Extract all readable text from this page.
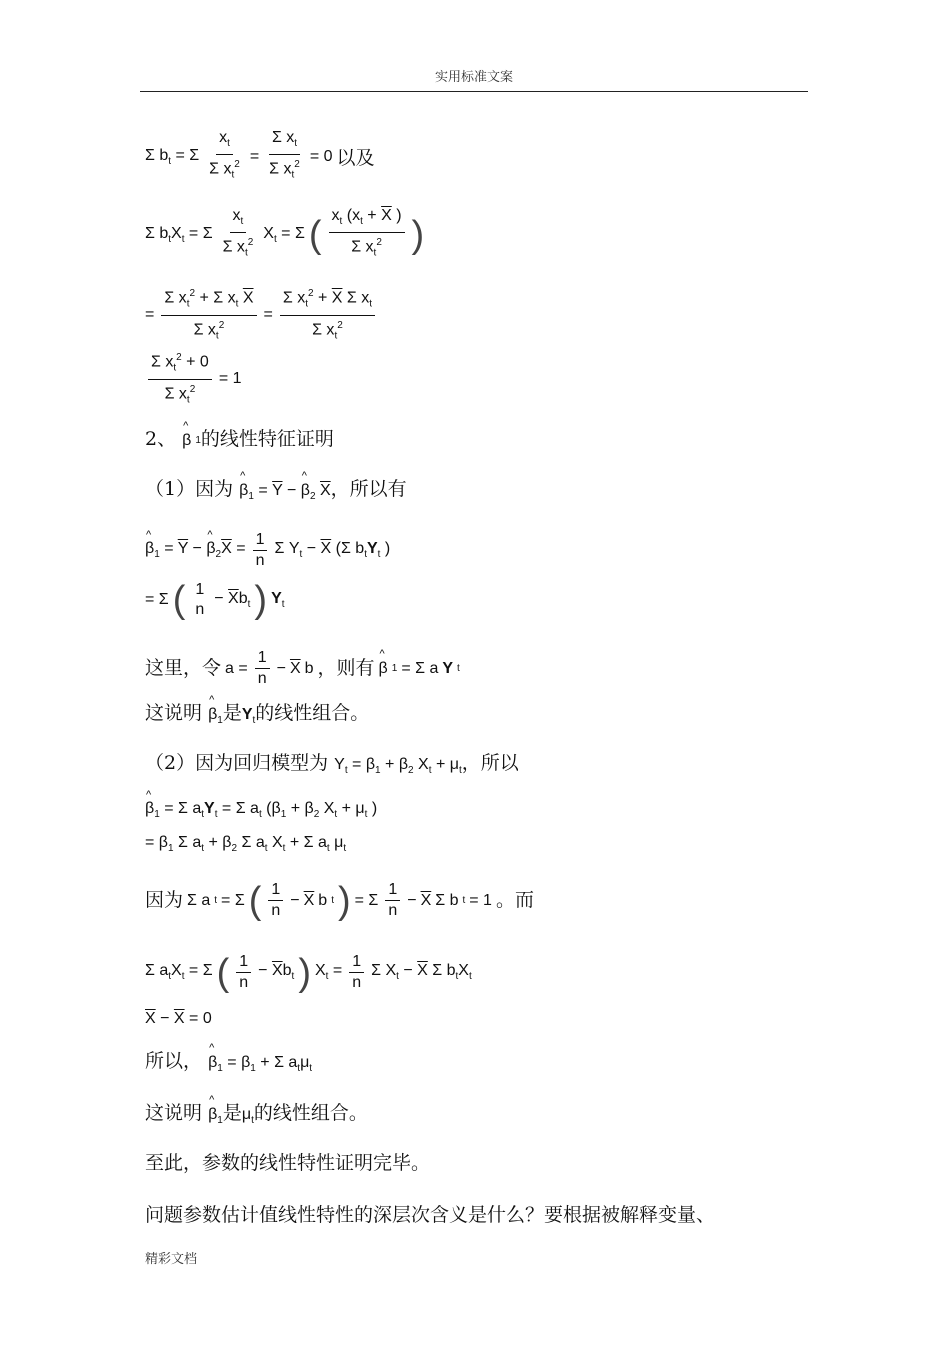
实用标准文案
Σ $b_t = \Sigma \frac{x_t}{\Sigma x_t^2} = \frac{\Sigma x_t}{\Sigma x_t^2} = 0$ 以及
Σ $b_tX_t = \Sigma \frac{x_t}{\Sigma x_t^2} X_t = \Sigma$ ( $\frac{x_t (x_t + \overline{X} )}{\Sigma x_t^2}$ )
= $\frac{\Sigma x_t^2 + \Sigma x_t \overline{X}}{\Sigma x_t^2} = \frac{\Sigma x_t^2 + \overline{X} \Sigma x_t}{\Sigma x_t^2}$
$\frac{\Sigma x_t^2 + 0}{\Sigma x_t^2} = 1$
2、 β ^ 1 的线性特征证明
（1）因为 β $\^{}_1 = \overline{Y} - \beta$ $\^{}_2$ $\overline{X}$，所以有
β $\^{}_1 = \overline{Y} - \beta$ $\^{}_2\overline{X} = \frac{1}{n}$ Σ $Y_t - \overline{X}$ (Σ $b_tY_t$ )
= Σ ( 1
n
− $\overline{X}b_t$ ) $Y_t$
这里，令 $a = \frac{1}{n} - \overline{X}$ b ，则有 β ^ 1 = Σ a Y t
这说明 β $\^{}_1$是$Y_t$的线性组合。
（2）因为回归模型为 $Y_t = \beta_1 + \beta_2$ $X_t + \mu_t$，所以
β $\^{}_1 = \Sigma$ $a_tY_t = \Sigma$ $a_t$ ($\beta_1 + \beta_2$ $X_t + \mu_t$ )
= $\beta_1$ Σ $a_t + \beta_2$ Σ $a_t$ $X_t + \Sigma$ $a_t$ $\mu_t$
因为 Σ a t = Σ ( $\frac{1}{n} - \overline{X}$ b t ) = Σ $\frac{1}{n} - \overline{X}$ Σ b t = 1 。而
Σ $a_tX_t = \Sigma$ ( $\frac{1}{n} - \overline{X}b_t$ ) $X_t = \frac{1}{n}$ Σ $X_t - \overline{X}$ Σ $b_tX_t$
$\overline{X} - \overline{X} = 0$
所以， β $\^{}_1 = \beta_1 + \Sigma$ $a_t\mu_t$
这说明 β $\^{}_1$是$\mu_t$的线性组合。
至此，参数的线性特性证明完毕。
问题参数估计值线性特性的深层次含义是什么？要根据被解释变量、
精彩文档
